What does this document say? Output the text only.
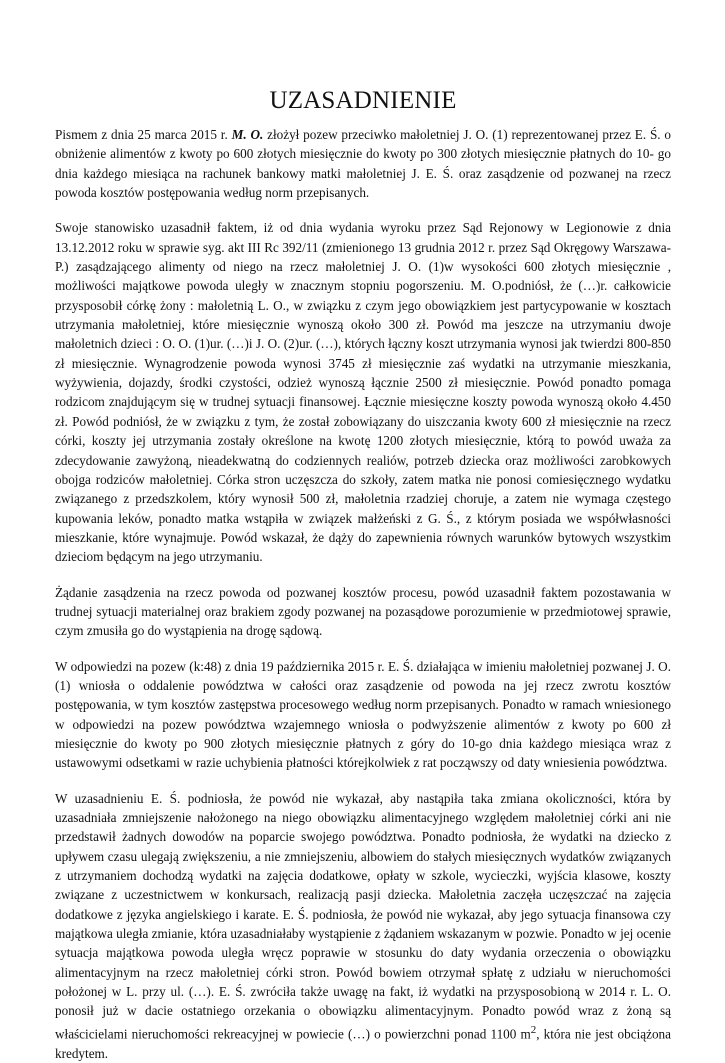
UZASADNIENIE

Pismem z dnia 25 marca 2015 r. M. O. złożył pozew przeciwko małoletniej J. O. (1) reprezentowanej przez E. Ś. o obniżenie alimentów z kwoty po 600 złotych miesięcznie do kwoty po 300 złotych miesięcznie płatnych do 10- go dnia każdego miesiąca na rachunek bankowy matki małoletniej J. E. Ś. oraz zasądzenie od pozwanej na rzecz powoda kosztów postępowania według norm przepisanych.

Swoje stanowisko uzasadnił faktem, iż od dnia wydania wyroku przez Sąd Rejonowy w Legionowie z dnia 13.12.2012 roku w sprawie syg. akt III Rc 392/11 (zmienionego 13 grudnia 2012 r. przez Sąd Okręgowy Warszawa- P.) zasądzającego alimenty od niego na rzecz małoletniej J. O. (1)w wysokości 600 złotych miesięcznie , możliwości majątkowe powoda uległy w znacznym stopniu pogorszeniu. M. O.podniósł, że (…)r. całkowicie przysposobił córkę żony : małoletnią L. O., w związku z czym jego obowiązkiem jest partycypowanie w kosztach utrzymania małoletniej, które miesięcznie wynoszą około 300 zł. Powód ma jeszcze na utrzymaniu dwoje małoletnich dzieci : O. O. (1)ur. (…)i J. O. (2)ur. (…), których łączny koszt utrzymania wynosi jak twierdzi 800-850 zł miesięcznie. Wynagrodzenie powoda wynosi 3745 zł miesięcznie zaś wydatki na utrzymanie mieszkania, wyżywienia, dojazdy, środki czystości, odzież wynoszą łącznie 2500 zł miesięcznie. Powód ponadto pomaga rodzicom znajdującym się w trudnej sytuacji finansowej. Łącznie miesięczne koszty powoda wynoszą około 4.450 zł. Powód podniósł, że w związku z tym, że został zobowiązany do uiszczania kwoty 600 zł miesięcznie na rzecz córki, koszty jej utrzymania zostały określone na kwotę 1200 złotych miesięcznie, którą to powód uważa za zdecydowanie zawyżoną, nieadekwatną do codziennych realiów, potrzeb dziecka oraz możliwości zarobkowych obojga rodziców małoletniej. Córka stron uczęszcza do szkoły, zatem matka nie ponosi comiesięcznego wydatku związanego z przedszkolem, który wynosił 500 zł, małoletnia rzadziej choruje, a zatem nie wymaga częstego kupowania leków, ponadto matka wstąpiła w związek małżeński z G. Ś., z którym posiada we współwłasności mieszkanie, które wynajmuje. Powód wskazał, że dąży do zapewnienia równych warunków bytowych wszystkim dzieciom będącym na jego utrzymaniu.

Żądanie zasądzenia na rzecz powoda od pozwanej kosztów procesu, powód uzasadnił faktem pozostawania w trudnej sytuacji materialnej oraz brakiem zgody pozwanej na pozasądowe porozumienie w przedmiotowej sprawie, czym zmusiła go do wystąpienia na drogę sądową.

W odpowiedzi na pozew (k:48) z dnia 19 października 2015 r. E. Ś. działająca w imieniu małoletniej pozwanej J. O. (1) wniosła o oddalenie powództwa w całości oraz zasądzenie od powoda na jej rzecz zwrotu kosztów postępowania, w tym kosztów zastępstwa procesowego według norm przepisanych. Ponadto w ramach wniesionego w odpowiedzi na pozew powództwa wzajemnego wniosła o podwyższenie alimentów z kwoty po 600 zł miesięcznie do kwoty po 900 złotych miesięcznie płatnych z góry do 10-go dnia każdego miesiąca wraz z ustawowymi odsetkami w razie uchybienia płatności którejkolwiek z rat począwszy od daty wniesienia powództwa.

W uzasadnieniu E. Ś. podniosła, że powód nie wykazał, aby nastąpiła taka zmiana okoliczności, która by uzasadniała zmniejszenie nałożonego na niego obowiązku alimentacyjnego względem małoletniej córki ani nie przedstawił żadnych dowodów na poparcie swojego powództwa. Ponadto podniosła, że wydatki na dziecko z upływem czasu ulegają zwiększeniu, a nie zmniejszeniu, albowiem do stałych miesięcznych wydatków związanych z utrzymaniem dochodzą wydatki na zajęcia dodatkowe, opłaty w szkole, wycieczki, wyjścia klasowe, koszty związane z uczestnictwem w konkursach, realizacją pasji dziecka. Małoletnia zaczęła uczęszczać na zajęcia dodatkowe z języka angielskiego i karate. E. Ś. podniosła, że powód nie wykazał, aby jego sytuacja finansowa czy majątkowa uległa zmianie, która uzasadniałaby wystąpienie z żądaniem wskazanym w pozwie. Ponadto w jej ocenie sytuacja majątkowa powoda uległa wręcz poprawie w stosunku do daty wydania orzeczenia o obowiązku alimentacyjnym na rzecz małoletniej córki stron. Powód bowiem otrzymał spłatę z udziału w nieruchomości położonej w L. przy ul. (…). E. Ś. zwróciła także uwagę na fakt, iż wydatki na przysposobioną w 2014 r. L. O. ponosił już w dacie ostatniego orzekania o obowiązku alimentacyjnym. Ponadto powód wraz z żoną są właścicielami nieruchomości rekreacyjnej w powiecie (…) o powierzchni ponad 1100 $m^2$, która nie jest obciążona kredytem.
